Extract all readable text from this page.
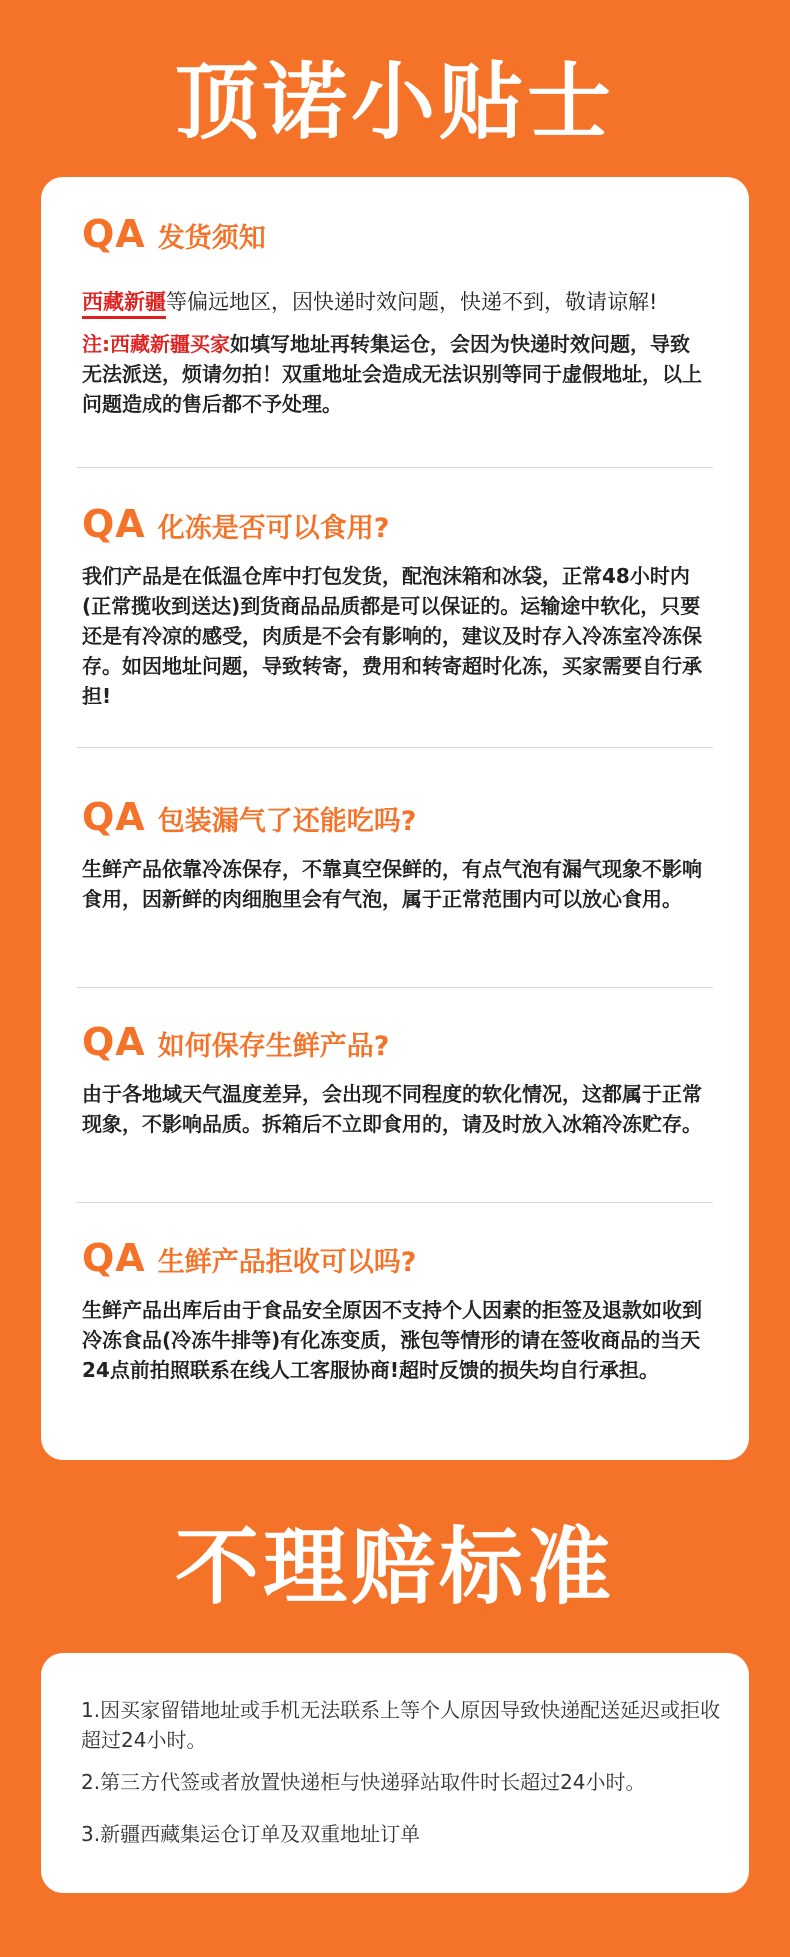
顶诺小贴士
QA 发货须知

西藏新疆等偏远地区，因快递时效问题，快递不到，敬请谅解!

注:西藏新疆买家如填写地址再转集运仓，会因为快递时效问题，导致无法派送，烦请勿拍！双重地址会造成无法识别等同于虚假地址，以上问题造成的售后都不予处理。

QA 化冻是否可以食用?
我们产品是在低温仓库中打包发货，配泡沫箱和冰袋，正常48小时内(正常揽收到送达)到货商品品质都是可以保证的。运输途中软化，只要还是有冷凉的感受，肉质是不会有影响的，建议及时存入冷冻室冷冻保存。如因地址问题，导致转寄，费用和转寄超时化冻，买家需要自行承担!
QA 包装漏气了还能吃吗?
生鲜产品依靠冷冻保存，不靠真空保鲜的，有点气泡有漏气现象不影响食用，因新鲜的肉细胞里会有气泡，属于正常范围内可以放心食用。
QA 如何保存生鲜产品?
由于各地域天气温度差异，会出现不同程度的软化情况，这都属于正常现象，不影响品质。拆箱后不立即食用的，请及时放入冰箱冷冻贮存。
QA 生鲜产品拒收可以吗?
生鲜产品出库后由于食品安全原因不支持个人因素的拒签及退款如收到冷冻食品(冷冻牛排等)有化冻变质，涨包等情形的请在签收商品的当天24点前拍照联系在线人工客服协商!超时反馈的损失均自行承担。
不理赔标准
1.因买家留错地址或手机无法联系上等个人原因导致快递配送延迟或拒收超过24小时。
2.第三方代签或者放置快递柜与快递驿站取件时长超过24小时。
3.新疆西藏集运仓订单及双重地址订单
